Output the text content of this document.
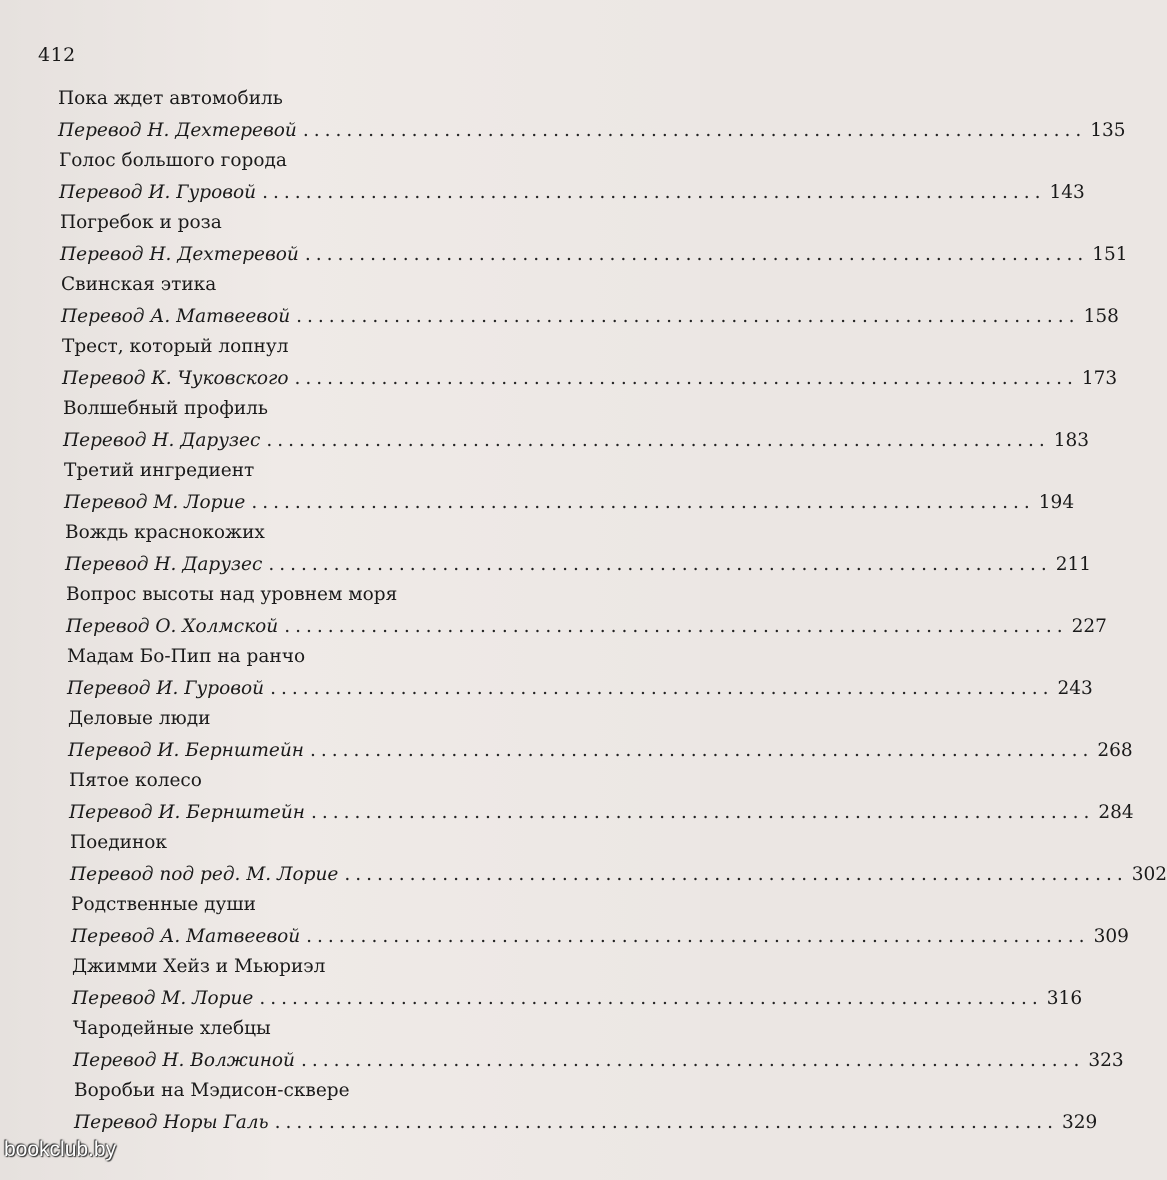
412
Пока ждет автомобиль
Перевод Н. Дехтеревой ........................................................................ 135
Голос большого города
Перевод И. Гуровой ........................................................................ 143
Погребок и роза
Перевод Н. Дехтеревой ........................................................................ 151
Свинская этика
Перевод А. Матвеевой ........................................................................ 158
Трест, который лопнул
Перевод К. Чуковского ........................................................................ 173
Волшебный профиль
Перевод Н. Дарузес ........................................................................ 183
Третий ингредиент
Перевод М. Лорие ........................................................................ 194
Вождь краснокожих
Перевод Н. Дарузес ........................................................................ 211
Вопрос высоты над уровнем моря
Перевод О. Холмской ........................................................................ 227
Мадам Бо-Пип на ранчо
Перевод И. Гуровой ........................................................................ 243
Деловые люди
Перевод И. Бернштейн ........................................................................ 268
Пятое колесо
Перевод И. Бернштейн ........................................................................ 284
Поединок
Перевод под ред. М. Лорие ........................................................................ 302
Родственные души
Перевод А. Матвеевой ........................................................................ 309
Джимми Хейз и Мьюриэл
Перевод М. Лорие ........................................................................ 316
Чародейные хлебцы
Перевод Н. Волжиной ........................................................................ 323
Воробьи на Мэдисон-сквере
Перевод Норы Галь ........................................................................ 329
bookclub.by
